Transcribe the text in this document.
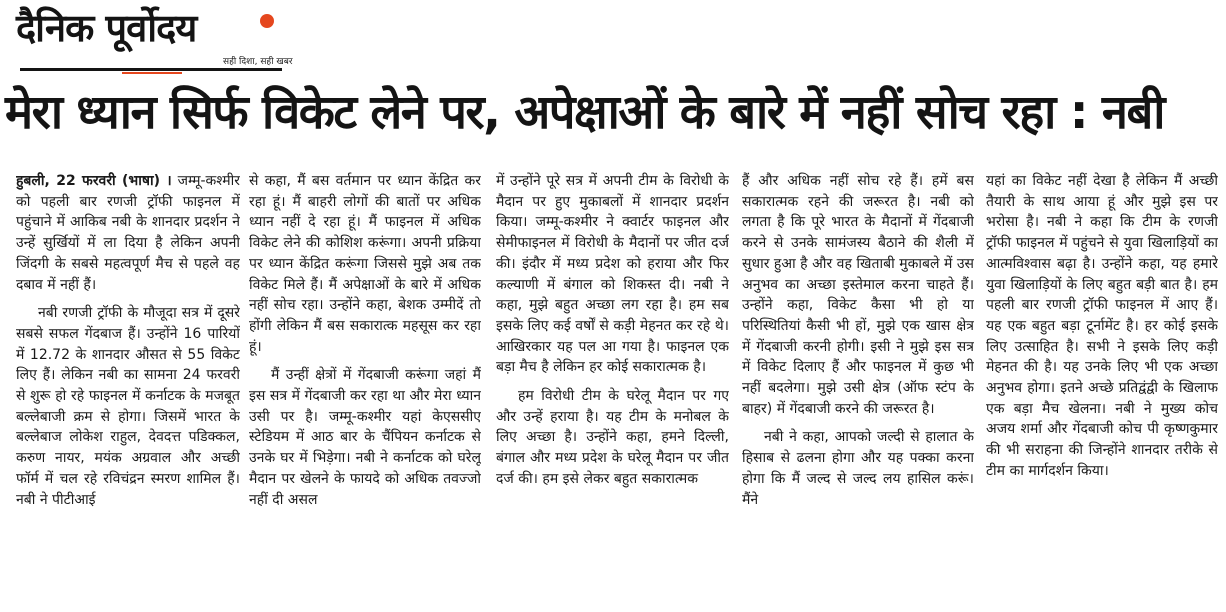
दैनिक पूर्वोदय
सही दिशा, सही खबर
मेरा ध्यान सिर्फ विकेट लेने पर, अपेक्षाओं के बारे में नहीं सोच रहा : नबी

हुबली, 22 फरवरी (भाषा) । जम्मू-कश्मीर को पहली बार रणजी ट्रॉफी फाइनल में पहुंचाने में आकिब नबी के शानदार प्रदर्शन ने उन्हें सुर्खियों में ला दिया है लेकिन अपनी जिंदगी के सबसे महत्वपूर्ण मैच से पहले वह दबाव में नहीं हैं।

नबी रणजी ट्रॉफी के मौजूदा सत्र में दूसरे सबसे सफल गेंदबाज हैं। उन्होंने 16 पारियों में 12.72 के शानदार औसत से 55 विकेट लिए हैं। लेकिन नबी का सामना 24 फरवरी से शुरू हो रहे फाइनल में कर्नाटक के मजबूत बल्लेबाजी क्रम से होगा। जिसमें भारत के बल्लेबाज लोकेश राहुल, देवदत्त पडिक्कल, करुण नायर, मयंक अग्रवाल और अच्छी फॉर्म में चल रहे रविचंद्रन स्मरण शामिल हैं। नबी ने पीटीआई

से कहा, मैं बस वर्तमान पर ध्यान केंद्रित कर रहा हूं। मैं बाहरी लोगों की बातों पर अधिक ध्यान नहीं दे रहा हूं। मैं फाइनल में अधिक विकेट लेने की कोशिश करूंगा। अपनी प्रक्रिया पर ध्यान केंद्रित करूंगा जिससे मुझे अब तक विकेट मिले हैं। मैं अपेक्षाओं के बारे में अधिक नहीं सोच रहा। उन्होंने कहा, बेशक उम्मीदें तो होंगी लेकिन मैं बस सकारात्क महसूस कर रहा हूं।

मैं उन्हीं क्षेत्रों में गेंदबाजी करूंगा जहां मैं इस सत्र में गेंदबाजी कर रहा था और मेरा ध्यान उसी पर है। जम्मू-कश्मीर यहां केएससीए स्टेडियम में आठ बार के चैंपियन कर्नाटक से उनके घर में भिड़ेगा। नबी ने कर्नाटक को घरेलू मैदान पर खेलने के फायदे को अधिक तवज्जो नहीं दी असल

में उन्होंने पूरे सत्र में अपनी टीम के विरोधी के मैदान पर हुए मुकाबलों में शानदार प्रदर्शन किया। जम्मू-कश्मीर ने क्वार्टर फाइनल और सेमीफाइनल में विरोधी के मैदानों पर जीत दर्ज की। इंदौर में मध्य प्रदेश को हराया और फिर कल्याणी में बंगाल को शिकस्त दी। नबी ने कहा, मुझे बहुत अच्छा लग रहा है। हम सब इसके लिए कई वर्षों से कड़ी मेहनत कर रहे थे। आखिरकार यह पल आ गया है। फाइनल एक बड़ा मैच है लेकिन हर कोई सकारात्मक है।

हम विरोधी टीम के घरेलू मैदान पर गए और उन्हें हराया है। यह टीम के मनोबल के लिए अच्छा है। उन्होंने कहा, हमने दिल्ली, बंगाल और मध्य प्रदेश के घरेलू मैदान पर जीत दर्ज की। हम इसे लेकर बहुत सकारात्मक

हैं और अधिक नहीं सोच रहे हैं। हमें बस सकारात्मक रहने की जरूरत है। नबी को लगता है कि पूरे भारत के मैदानों में गेंदबाजी करने से उनके सामंजस्य बैठाने की शैली में सुधार हुआ है और वह खिताबी मुकाबले में उस अनुभव का अच्छा इस्तेमाल करना चाहते हैं। उन्होंने कहा, विकेट कैसा भी हो या परिस्थितियां कैसी भी हों, मुझे एक खास क्षेत्र में गेंदबाजी करनी होगी। इसी ने मुझे इस सत्र में विकेट दिलाए हैं और फाइनल में कुछ भी नहीं बदलेगा। मुझे उसी क्षेत्र (ऑफ स्टंप के बाहर) में गेंदबाजी करने की जरूरत है।

नबी ने कहा, आपको जल्दी से हालात के हिसाब से ढलना होगा और यह पक्का करना होगा कि मैं जल्द से जल्द लय हासिल करूं। मैंने

यहां का विकेट नहीं देखा है लेकिन मैं अच्छी तैयारी के साथ आया हूं और मुझे इस पर भरोसा है। नबी ने कहा कि टीम के रणजी ट्रॉफी फाइनल में पहुंचने से युवा खिलाड़ियों का आत्मविश्वास बढ़ा है। उन्होंने कहा, यह हमारे युवा खिलाड़ियों के लिए बहुत बड़ी बात है। हम पहली बार रणजी ट्रॉफी फाइनल में आए हैं। यह एक बहुत बड़ा टूर्नामेंट है। हर कोई इसके लिए उत्साहित है। सभी ने इसके लिए कड़ी मेहनत की है। यह उनके लिए भी एक अच्छा अनुभव होगा। इतने अच्छे प्रतिद्वंद्वी के खिलाफ एक बड़ा मैच खेलना। नबी ने मुख्य कोच अजय शर्मा और गेंदबाजी कोच पी कृष्णकुमार की भी सराहना की जिन्होंने शानदार तरीके से टीम का मार्गदर्शन किया।
